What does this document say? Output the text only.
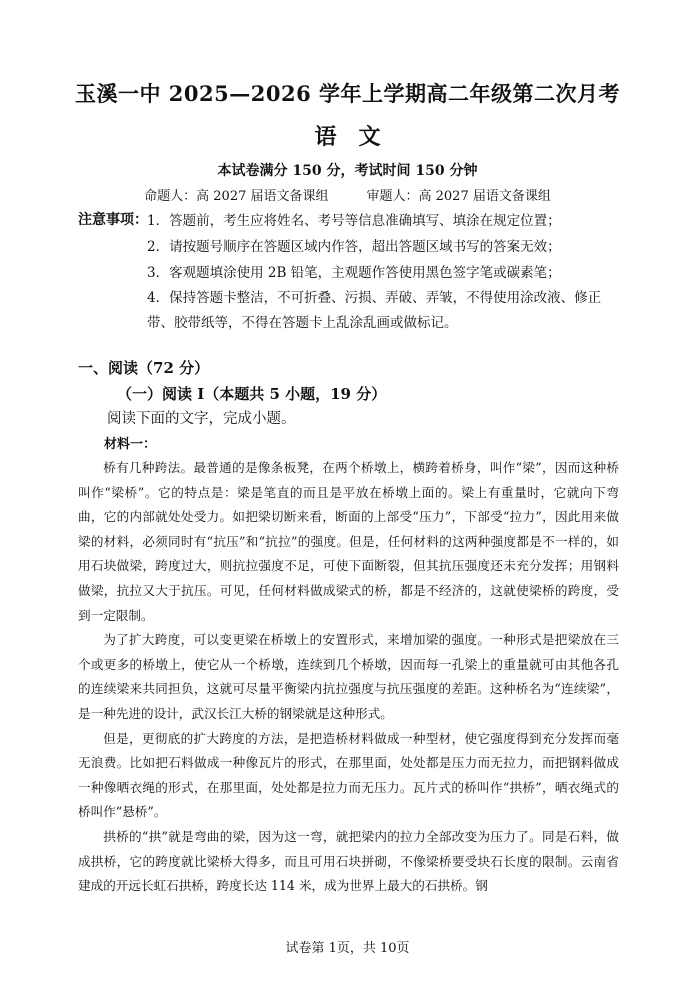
玉溪一中 2025—2026 学年上学期高二年级第二次月考
语文
本试卷满分 150 分，考试时间 150 分钟
命题人：高 2027 届语文备课组	审题人：高 2027 届语文备课组
注意事项： 1．答题前，考生应将姓名、考号等信息准确填写、填涂在规定位置；
2．请按题号顺序在答题区域内作答，超出答题区域书写的答案无效；
3．客观题填涂使用 2B 铅笔，主观题作答使用黑色签字笔或碳素笔；
4．保持答题卡整洁，不可折叠、污损、弄破、弄皱，不得使用涂改液、修正
带、胶带纸等，不得在答题卡上乱涂乱画或做标记。
一、阅读（72 分）
（一）阅读 I（本题共 5 小题，19 分）
阅读下面的文字，完成小题。
材料一：

桥有几种跨法。最普通的是像条板凳，在两个桥墩上，横跨着桥身，叫作“梁”，因而这种桥叫作“梁桥”。它的特点是：梁是笔直的而且是平放在桥墩上面的。梁上有重量时，它就向下弯曲，它的内部就处处受力。如把梁切断来看，断面的上部受“压力”，下部受“拉力”，因此用来做梁的材料，必须同时有“抗压”和“抗拉”的强度。但是，任何材料的这两种强度都是不一样的，如用石块做梁，跨度过大，则抗拉强度不足，可使下面断裂，但其抗压强度还未充分发挥；用钢料做梁，抗拉又大于抗压。可见，任何材料做成梁式的桥，都是不经济的，这就使梁桥的跨度，受到一定限制。

为了扩大跨度，可以变更梁在桥墩上的安置形式，来增加梁的强度。一种形式是把梁放在三个或更多的桥墩上，使它从一个桥墩，连续到几个桥墩，因而每一孔梁上的重量就可由其他各孔的连续梁来共同担负，这就可尽量平衡梁内抗拉强度与抗压强度的差距。这种桥名为“连续梁”，是一种先进的设计，武汉长江大桥的钢梁就是这种形式。

但是，更彻底的扩大跨度的方法，是把造桥材料做成一种型材，使它强度得到充分发挥而毫无浪费。比如把石料做成一种像瓦片的形式，在那里面，处处都是压力而无拉力，而把钢料做成一种像晒衣绳的形式，在那里面，处处都是拉力而无压力。瓦片式的桥叫作“拱桥”，晒衣绳式的桥叫作“悬桥”。

拱桥的“拱”就是弯曲的梁，因为这一弯，就把梁内的拉力全部改变为压力了。同是石料，做成拱桥，它的跨度就比梁桥大得多，而且可用石块拼砌，不像梁桥要受块石长度的限制。云南省建成的开远长虹石拱桥，跨度长达 114 米，成为世界上最大的石拱桥。钢

试卷第 1页，共 10页
